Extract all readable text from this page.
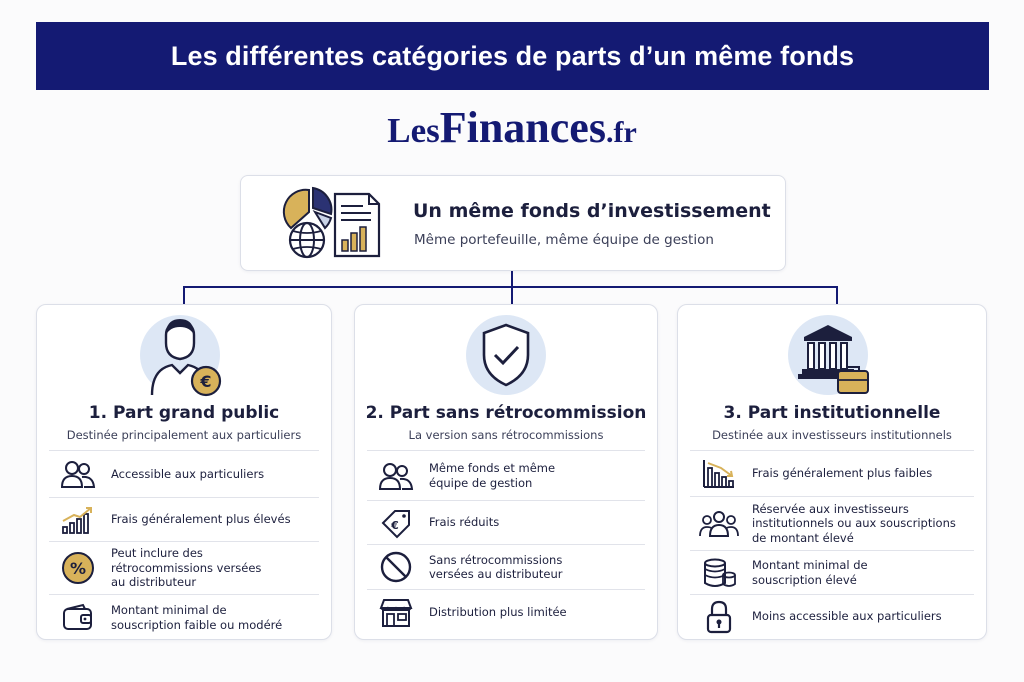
Les différentes catégories de parts d’un même fonds
LesFinances.fr
Un même fonds d’investissement
Même portefeuille, même équipe de gestion
€
1. Part grand public
Destinée principalement aux particuliers
Accessible aux particuliers
Frais généralement plus élevés
%
Peut inclure des
rétrocommissions versées
au distributeur
Montant minimal de
souscription faible ou modéré
2. Part sans rétrocommission
La version sans rétrocommissions
Même fonds et même
équipe de gestion
€	Frais réduits
Sans rétrocommissions
versées au distributeur
Distribution plus limitée
3. Part institutionnelle
Destinée aux investisseurs institutionnels
Frais généralement plus faibles
Réservée aux investisseurs
institutionnels ou aux souscriptions
de montant élevé
Montant minimal de
souscription élevé
Moins accessible aux particuliers
